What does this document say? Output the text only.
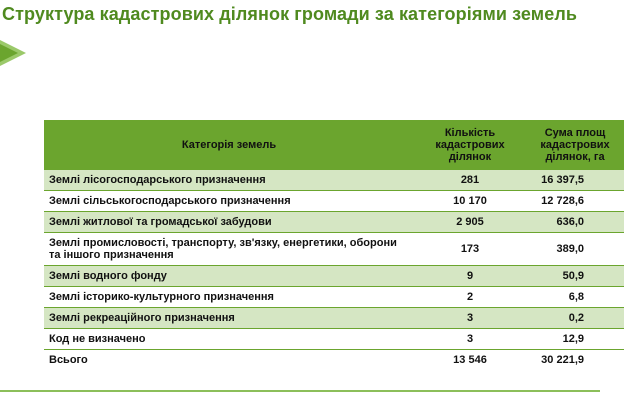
Структура кадастрових ділянок громади за категоріями земель
Категорія земель	Кількість кадастрових ділянок	Сума площ кадастрових ділянок, га
Землі лісогосподарського призначення	281	16 397,5
Землі сільськогосподарського призначення	10 170	12 728,6
Землі житлової та громадської забудови	2 905	636,0
Землі промисловості, транспорту, зв'язку, енергетики, оборони та іншого призначення	173	389,0
Землі водного фонду	9	50,9
Землі історико-культурного призначення	2	6,8
Землі рекреаційного призначення	3	0,2
Код не визначено	3	12,9
Всього	13 546	30 221,9
